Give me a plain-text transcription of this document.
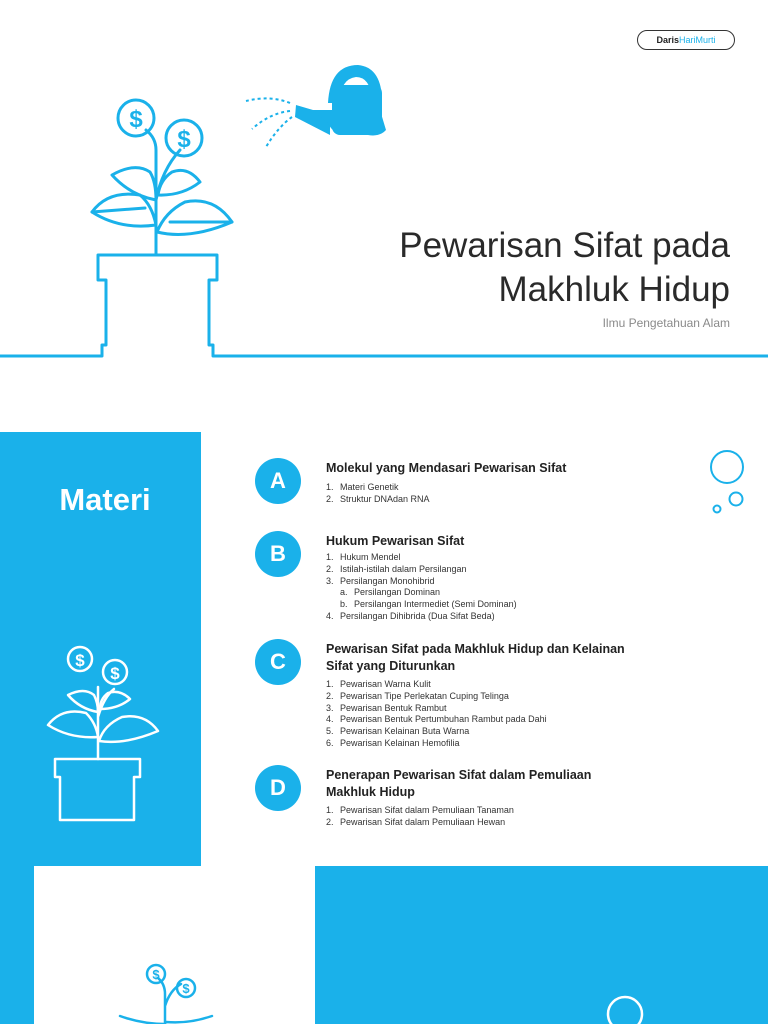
Daris HariMurti
$
$
Pewarisan Sifat pada
Makhluk Hidup
Ilmu Pengetahuan Alam
Materi
$
$
A	Molekul yang Mendasari Pewarisan Sifat
1. Materi Genetik
2. Struktur DNAdan RNA
B	Hukum Pewarisan Sifat
1. Hukum Mendel
2. Istilah-istilah dalam Persilangan
3. Persilangan Monohibrid
a. Persilangan Dominan
b. Persilangan Intermediet (Semi Dominan)
4. Persilangan Dihibrida (Dua Sifat Beda)
C	Pewarisan Sifat pada Makhluk Hidup dan Kelainan Sifat yang Diturunkan
1. Pewarisan Warna Kulit
2. Pewarisan Tipe Perlekatan Cuping Telinga
3. Pewarisan Bentuk Rambut
4. Pewarisan Bentuk Pertumbuhan Rambut pada Dahi
5. Pewarisan Kelainan Buta Warna
6. Pewarisan Kelainan Hemofilia
D	Penerapan Pewarisan Sifat dalam Pemuliaan Makhluk Hidup
1. Pewarisan Sifat dalam Pemuliaan Tanaman
2. Pewarisan Sifat dalam Pemuliaan Hewan
$
$
